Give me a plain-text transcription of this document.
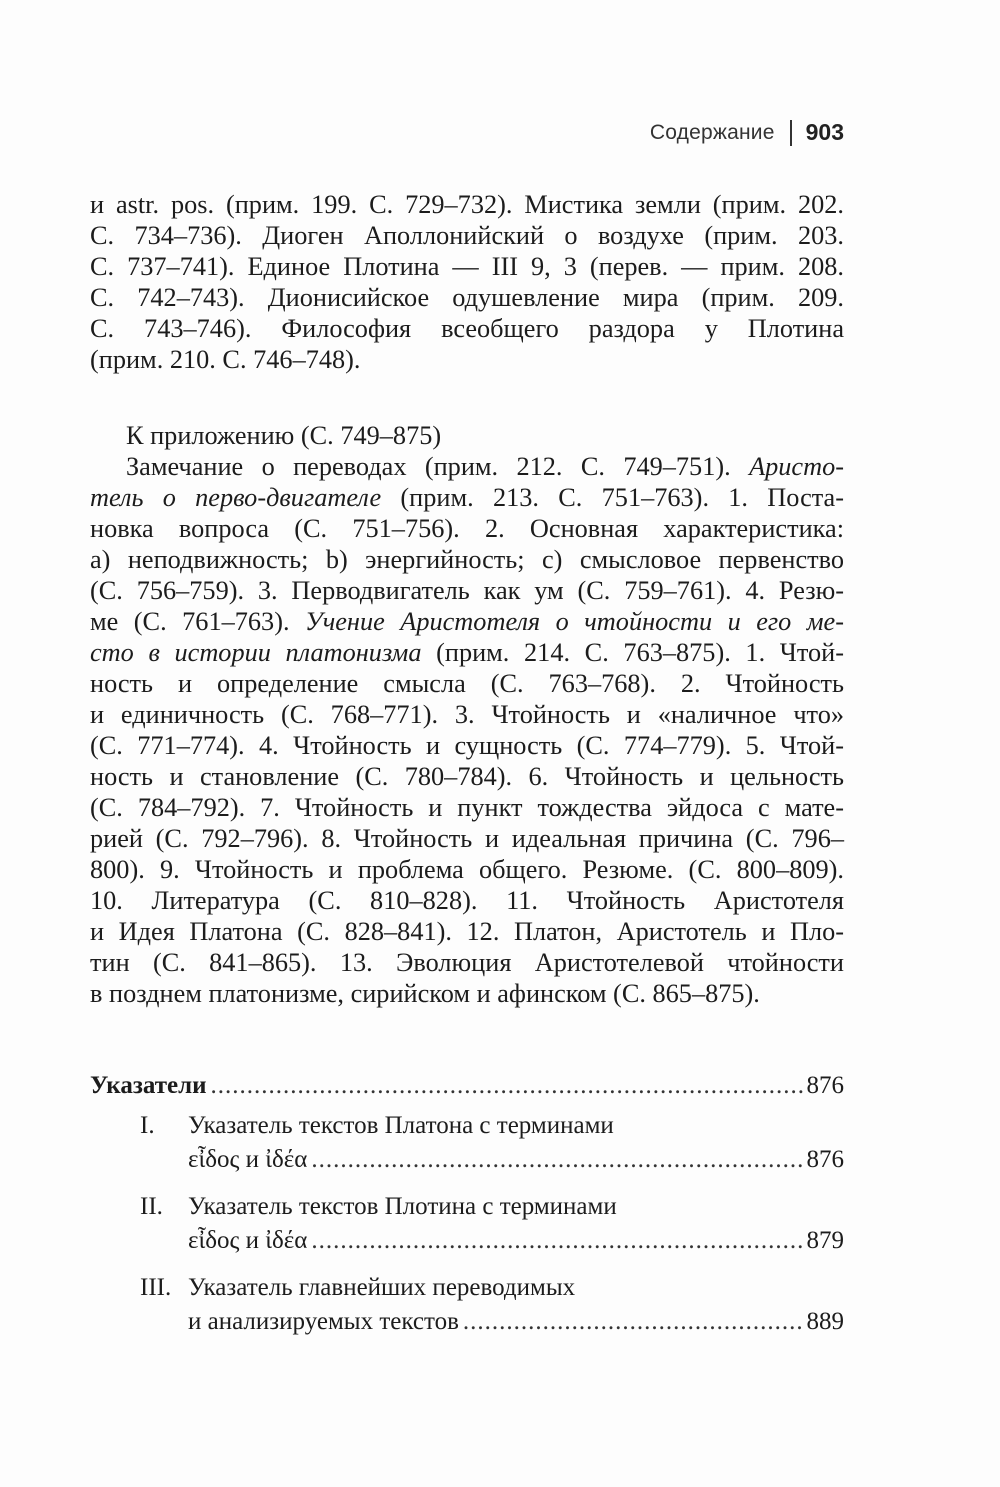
Содержание 903

и astr. pos. (прим. 199. С. 729–732). Мистика земли (прим. 202.

С. 734–736). Диоген Аполлонийский о воздухе (прим. 203.

С. 737–741). Единое Плотина — III 9, 3 (перев. — прим. 208.

С. 742–743). Дионисийское одушевление мира (прим. 209.

С. 743–746). Философия всеобщего раздора у Плотина

(прим. 210. С. 746–748).

К приложению (С. 749–875)

Замечание о переводах (прим. 212. С. 749–751). Аристо-

тель о перво-двигателе (прим. 213. С. 751–763). 1. Поста-

новка вопроса (С. 751–756). 2. Основная характеристика:

a) неподвижность; b) энергийность; c) смысловое первенство

(С. 756–759). 3. Перводвигатель как ум (С. 759–761). 4. Резю-

ме (С. 761–763). Учение Аристотеля о чтойности и его ме-

сто в истории платонизма (прим. 214. С. 763–875). 1. Чтой-

ность и определение смысла (С. 763–768). 2. Чтойность

и единичность (С. 768–771). 3. Чтойность и «наличное что»

(С. 771–774). 4. Чтойность и сущность (С. 774–779). 5. Чтой-

ность и становление (С. 780–784). 6. Чтойность и цельность

(С. 784–792). 7. Чтойность и пункт тождества эйдоса с мате-

рией (С. 792–796). 8. Чтойность и идеальная причина (С. 796–

800). 9. Чтойность и проблема общего. Резюме. (С. 800–809).

10. Литература (С. 810–828). 11. Чтойность Аристотеля

и Идея Платона (С. 828–841). 12. Платон, Аристотель и Пло-

тин (С. 841–865). 13. Эволюция Аристотелевой чтойности

в позднем платонизме, сирийском и афинском (С. 865–875).

Указатели .....	876
I. Указатель текстов Платона с терминами
εἶδος и ἰδέα .....	876
II. Указатель текстов Плотина с терминами
εἶδος и ἰδέα .....	879
III. Указатель главнейших переводимых
и анализируемых текстов .....	889
